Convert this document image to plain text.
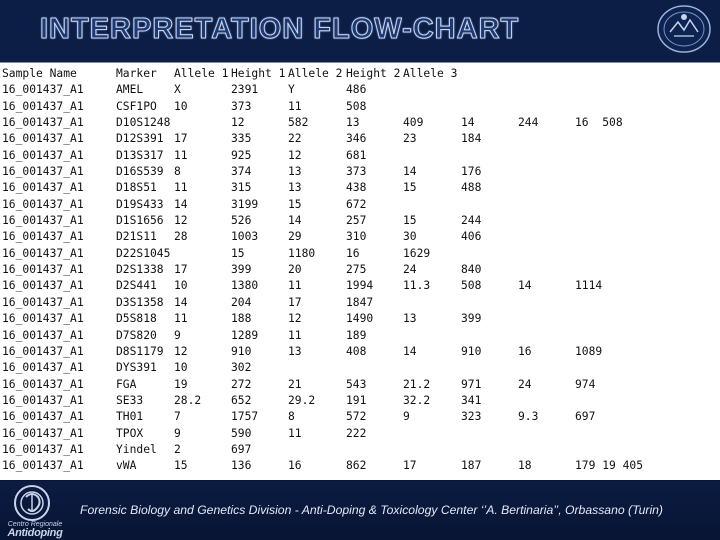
INTERPRETATION FLOW-CHART
Sample Name	Marker	Allele 1	Height 1	Allele 2	Height 2	Allele 3					
16_001437_A1	AMEL	X	2391	Y	486						
16_001437_A1	CSF1PO	10	373	11	508						
16_001437_A1	D10S1248		12	582	13	409	14	244	16	508	
16_001437_A1	D12S391	17	335	22	346	23	184				
16_001437_A1	D13S317	11	925	12	681						
16_001437_A1	D16S539	8	374	13	373	14	176				
16_001437_A1	D18S51	11	315	13	438	15	488				
16_001437_A1	D19S433	14	3199	15	672						
16_001437_A1	D1S1656	12	526	14	257	15	244				
16_001437_A1	D21S11	28	1003	29	310	30	406				
16_001437_A1	D22S1045		15	1180	16	1629					
16_001437_A1	D2S1338	17	399	20	275	24	840				
16_001437_A1	D2S441	10	1380	11	1994	11.3	508	14	1114		
16_001437_A1	D3S1358	14	204	17	1847						
16_001437_A1	D5S818	11	188	12	1490	13	399				
16_001437_A1	D7S820	9	1289	11	189						
16_001437_A1	D8S1179	12	910	13	408	14	910	16	1089		
16_001437_A1	DYS391	10	302								
16_001437_A1	FGA	19	272	21	543	21.2	971	24	974		
16_001437_A1	SE33	28.2	652	29.2	191	32.2	341				
16_001437_A1	TH01	7	1757	8	572	9	323	9.3	697		
16_001437_A1	TPOX	9	590	11	222						
16_001437_A1	Yindel	2	697								
16_001437_A1	vWA	15	136	16	862	17	187	18	179	19	405
Centro Regionale
Antidoping
Forensic Biology and Genetics Division - Anti-Doping & Toxicology Center ‘’A. Bertinaria’’, Orbassano (Turin)
